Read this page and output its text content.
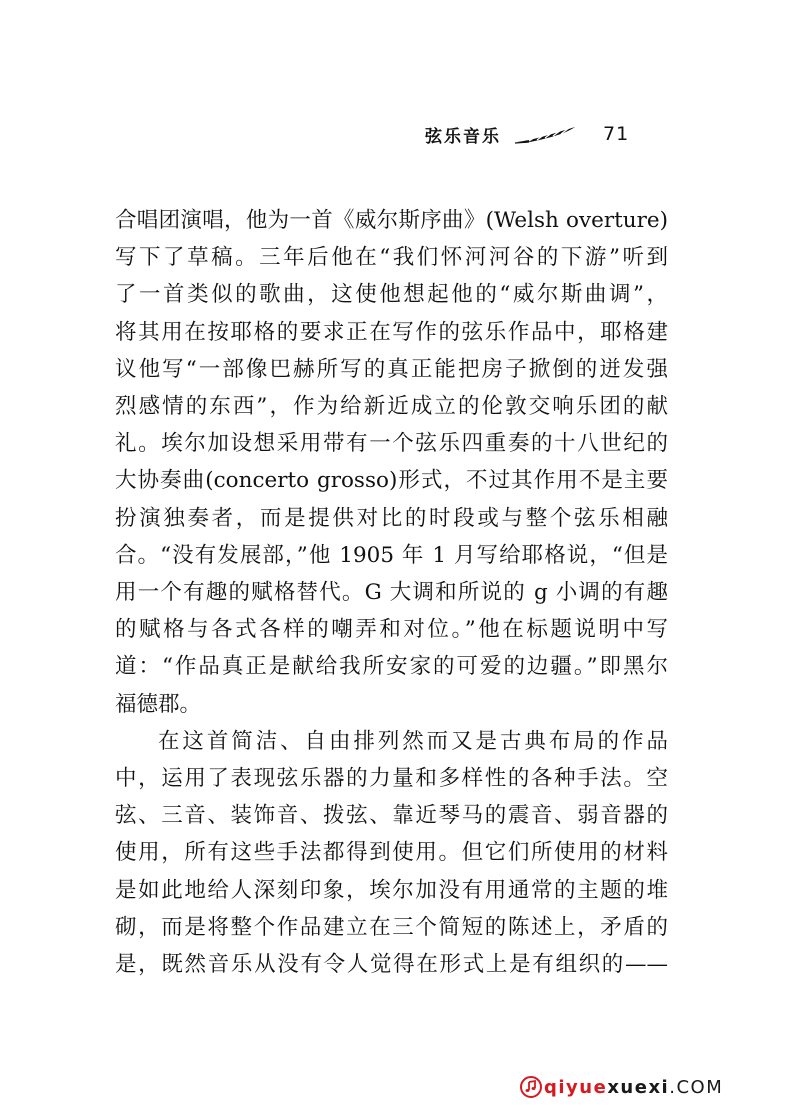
弦乐音乐	71
合唱团演唱，他为一首《威尔斯序曲》(Welsh overture)
写下了草稿。三年后他在“我们怀河河谷的下游”听到
了一首类似的歌曲，这使他想起他的“威尔斯曲调”，
将其用在按耶格的要求正在写作的弦乐作品中，耶格建
议他写“一部像巴赫所写的真正能把房子掀倒的迸发强
烈感情的东西”，作为给新近成立的伦敦交响乐团的献
礼。埃尔加设想采用带有一个弦乐四重奏的十八世纪的
大协奏曲(concerto grosso)形式，不过其作用不是主要
扮演独奏者，而是提供对比的时段或与整个弦乐相融
合。“没有发展部，”他 1905 年 1 月写给耶格说，“但是
用一个有趣的赋格替代。G 大调和所说的 g 小调的有趣
的赋格与各式各样的嘲弄和对位。”他在标题说明中写
道：“作品真正是献给我所安家的可爱的边疆。”即黑尔
福德郡。
在这首简洁、自由排列然而又是古典布局的作品
中，运用了表现弦乐器的力量和多样性的各种手法。空
弦、三音、装饰音、拨弦、靠近琴马的震音、弱音器的
使用，所有这些手法都得到使用。但它们所使用的材料
是如此地给人深刻印象，埃尔加没有用通常的主题的堆
砌，而是将整个作品建立在三个简短的陈述上，矛盾的
是，既然音乐从没有令人觉得在形式上是有组织的——
qiyue xuexi .COM
